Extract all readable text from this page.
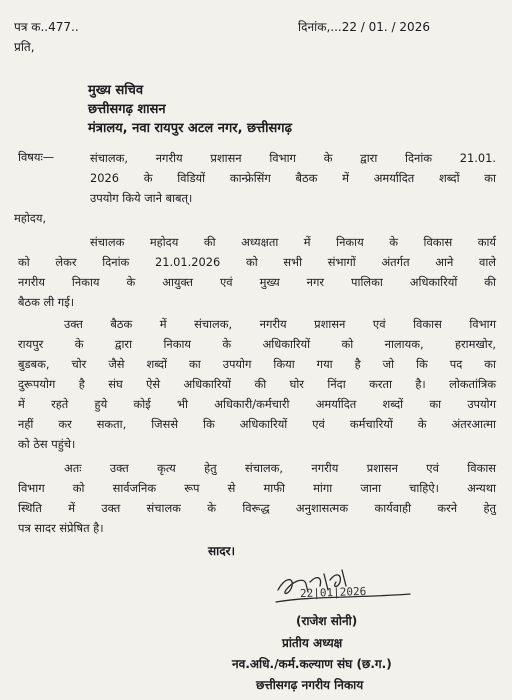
पत्र क..477..	दिनांक,...22 / 01. / 2026
प्रति,
मुख्य सचिव
छत्तीसगढ़ शासन
मंत्रालय, नवा रायपुर अटल नगर, छत्तीसगढ़
विषयः—	संचालक, नगरीय प्रशासन विभाग के द्वारा दिनांक 21.01.
2026 के विडियों कान्फ्रेसिंग बैठक में अमर्यादित शब्दों का
उपयोग किये जाने बाबत्।
महोदय,
संचालक महोदय की अध्यक्षता में निकाय के विकास कार्य
को लेकर दिनांक 21.01.2026 को सभी संभागों अंतर्गत आने वाले
नगरीय निकाय के आयुक्त एवं मुख्य नगर पालिका अधिकारियों की
बैठक ली गई।
उक्त बैठक में संचालक, नगरीय प्रशासन एवं विकास विभाग
रायपुर के द्वारा निकाय के अधिकारियों को नालायक, हरामखोर,
बुडबक, चोर जैसे शब्दों का उपयोग किया गया है जो कि पद का
दुरूपयोग है संघ ऐसे अधिकारियों की घोर निंदा करता है। लोकतांत्रिक
में रहते हुये कोई भी अधिकारी/कर्मचारी अमर्यादित शब्दों का उपयोग
नहीं कर सकता, जिससे कि अधिकारियों एवं कर्मचारियों के अंतरआत्मा
को ठेस पहुंचे।
अतः उक्त कृत्य हेतु संचालक, नगरीय प्रशासन एवं विकास
विभाग को सार्वजनिक रूप से माफी मांगा जाना चाहिऐ। अन्यथा
स्थिति में उक्त संचालक के विरूद्ध अनुशासत्मक कार्यवाही करने हेतु
पत्र सादर संप्रेषित है।
सादर।
22|01|2026
(राजेश सोनी)
प्रांतीय अध्यक्ष
नव.अधि./कर्म.कल्याण संघ (छ.ग.)
छत्तीसगढ़ नगरीय निकाय
